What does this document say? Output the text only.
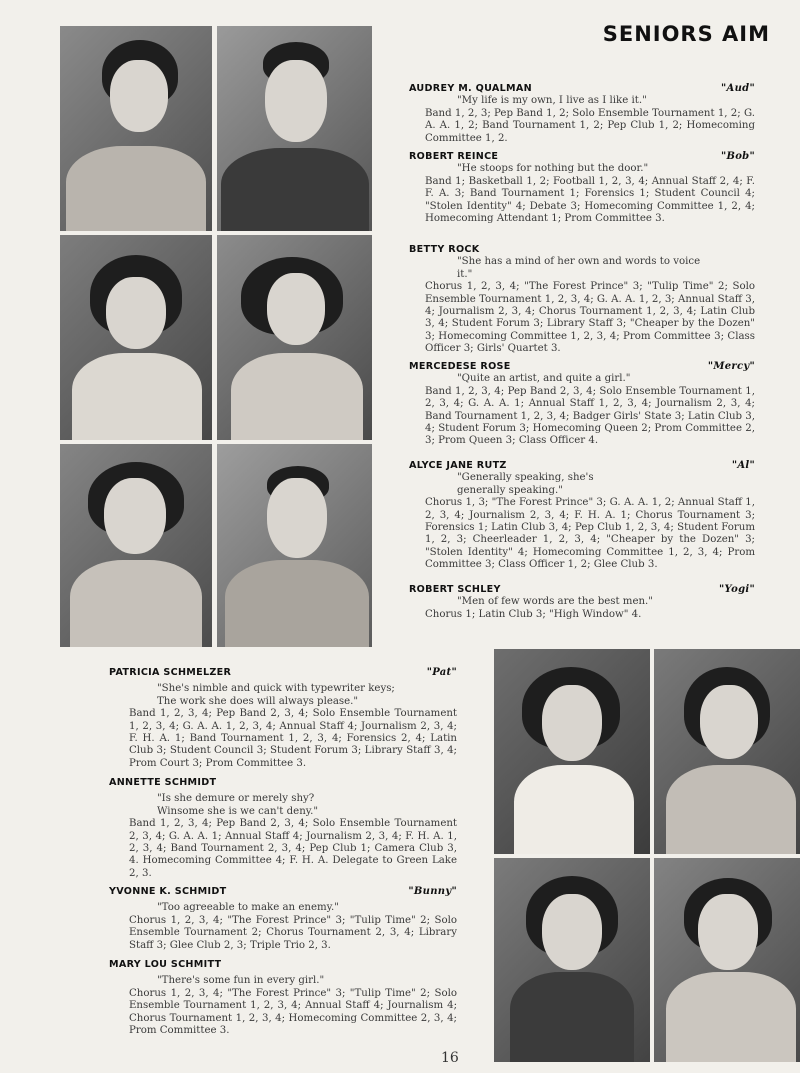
SENIORS AIM
AUDREY M. QUALMAN	"Aud"
"My life is my own, I live as I like it."
Band 1, 2, 3; Pep Band 1, 2; Solo Ensemble Tournament 1, 2; G. A. A. 1, 2; Band Tournament 1, 2; Pep Club 1, 2; Homecoming Committee 1, 2.
ROBERT REINCE	"Bob"
"He stoops for nothing but the door."
Band 1; Basketball 1, 2; Football 1, 2, 3, 4; Annual Staff 2, 4; F. F. A. 3; Band Tournament 1; Forensics 1; Student Council 4; "Stolen Identity" 4; Debate 3; Homecoming Committee 1, 2, 4; Homecoming Attendant 1; Prom Committee 3.
BETTY ROCK
"She has a mind of her own and words to voice it."
Chorus 1, 2, 3, 4; "The Forest Prince" 3; "Tulip Time" 2; Solo Ensemble Tournament 1, 2, 3, 4; G. A. A. 1, 2, 3; Annual Staff 3, 4; Journalism 2, 3, 4; Chorus Tournament 1, 2, 3, 4; Latin Club 3, 4; Student Forum 3; Library Staff 3; "Cheaper by the Dozen" 3; Homecoming Committee 1, 2, 3, 4; Prom Committee 3; Class Officer 3; Girls' Quartet 3.
MERCEDESE ROSE	"Mercy"
"Quite an artist, and quite a girl."
Band 1, 2, 3, 4; Pep Band 2, 3, 4; Solo Ensemble Tournament 1, 2, 3, 4; G. A. A. 1; Annual Staff 1, 2, 3, 4; Journalism 2, 3, 4; Band Tournament 1, 2, 3, 4; Badger Girls' State 3; Latin Club 3, 4; Student Forum 3; Homecoming Queen 2; Prom Committee 2, 3; Prom Queen 3; Class Officer 4.
ALYCE JANE RUTZ	"Al"
"Generally speaking, she's generally speaking."
Chorus 1, 3; "The Forest Prince" 3; G. A. A. 1, 2; Annual Staff 1, 2, 3, 4; Journalism 2, 3, 4; F. H. A. 1; Chorus Tournament 3; Forensics 1; Latin Club 3, 4; Pep Club 1, 2, 3, 4; Student Forum 1, 2, 3; Cheerleader 1, 2, 3, 4; "Cheaper by the Dozen" 3; "Stolen Identity" 4; Homecoming Committee 1, 2, 3, 4; Prom Committee 3; Class Officer 1, 2; Glee Club 3.
ROBERT SCHLEY	"Yogi"
"Men of few words are the best men."
Chorus 1; Latin Club 3; "High Window" 4.
PATRICIA SCHMELZER	"Pat"
"She's nimble and quick with typewriter keys; The work she does will always please."
Band 1, 2, 3, 4; Pep Band 2, 3, 4; Solo Ensemble Tournament 1, 2, 3, 4; G. A. A. 1, 2, 3, 4; Annual Staff 4; Journalism 2, 3, 4; F. H. A. 1; Band Tournament 1, 2, 3, 4; Forensics 2, 4; Latin Club 3; Student Council 3; Student Forum 3; Library Staff 3, 4; Prom Court 3; Prom Committee 3.
ANNETTE SCHMIDT
"Is she demure or merely shy? Winsome she is we can't deny."
Band 1, 2, 3, 4; Pep Band 2, 3, 4; Solo Ensemble Tournament 2, 3, 4; G. A. A. 1; Annual Staff 4; Journalism 2, 3, 4; F. H. A. 1, 2, 3, 4; Band Tournament 2, 3, 4; Pep Club 1; Camera Club 3, 4. Homecoming Committee 4; F. H. A. Delegate to Green Lake 2, 3.
YVONNE K. SCHMIDT	"Bunny"
"Too agreeable to make an enemy."
Chorus 1, 2, 3, 4; "The Forest Prince" 3; "Tulip Time" 2; Solo Ensemble Tournament 2; Chorus Tournament 2, 3, 4; Library Staff 3; Glee Club 2, 3; Triple Trio 2, 3.
MARY LOU SCHMITT
"There's some fun in every girl."
Chorus 1, 2, 3, 4; "The Forest Prince" 3; "Tulip Time" 2; Solo Ensemble Tournament 1, 2, 3, 4; Annual Staff 4; Journalism 4; Chorus Tournament 1, 2, 3, 4; Homecoming Committee 2, 3, 4; Prom Committee 3.
16
